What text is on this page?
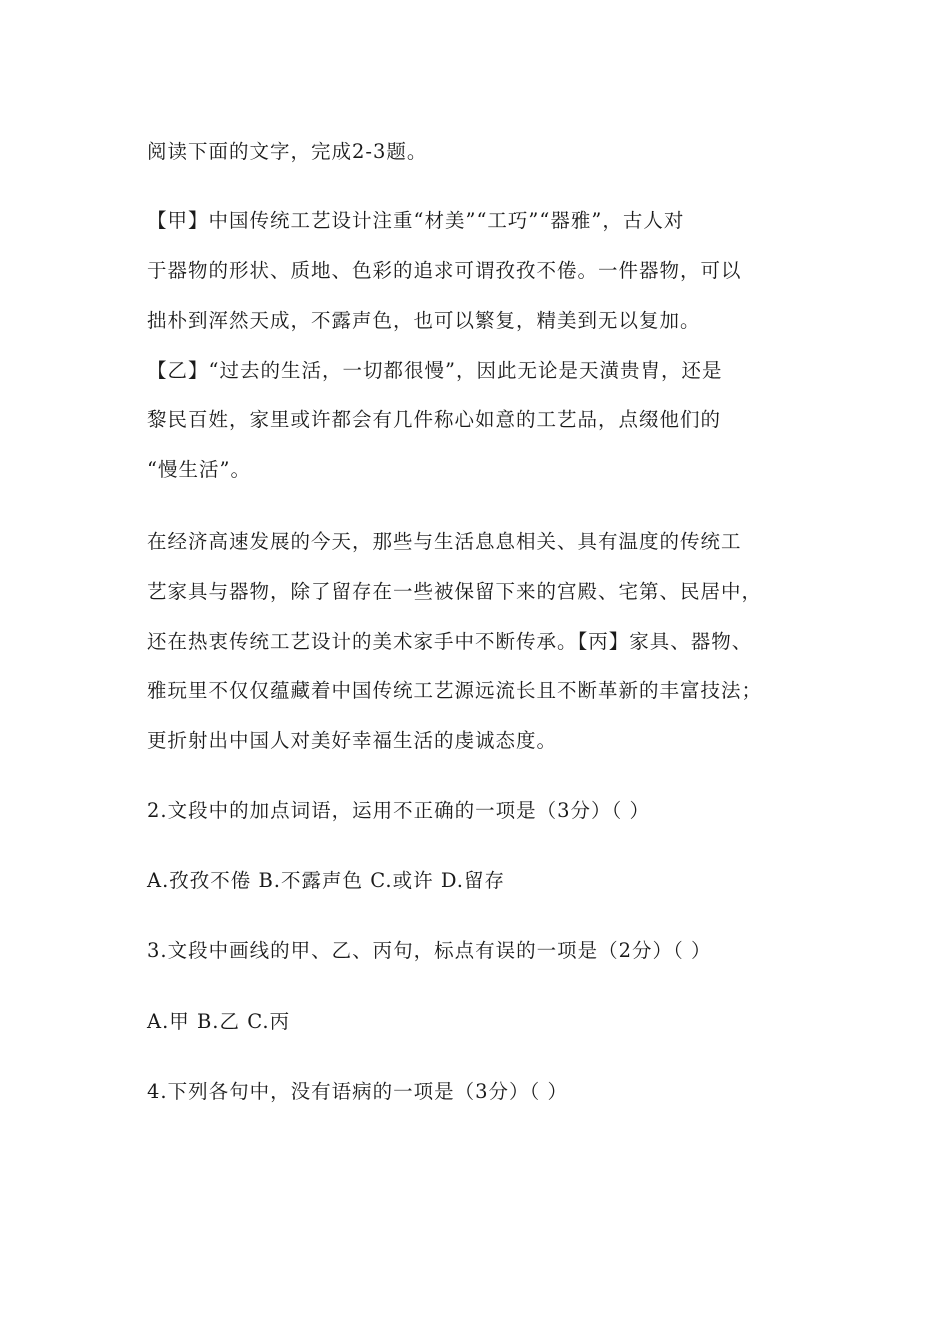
阅读下面的文字，完成2-3题。
【甲】中国传统工艺设计注重“材美”“工巧”“器雅”，古人对
于器物的形状、质地、色彩的追求可谓孜孜不倦。一件器物，可以
拙朴到浑然天成，不露声色，也可以繁复，精美到无以复加。
【乙】“过去的生活，一切都很慢”，因此无论是天潢贵胄，还是
黎民百姓，家里或许都会有几件称心如意的工艺品，点缀他们的
“慢生活”。
在经济高速发展的今天，那些与生活息息相关、具有温度的传统工
艺家具与器物，除了留存在一些被保留下来的宫殿、宅第、民居中，
还在热衷传统工艺设计的美术家手中不断传承。【丙】家具、器物、
雅玩里不仅仅蕴藏着中国传统工艺源远流长且不断革新的丰富技法；
更折射出中国人对美好幸福生活的虔诚态度。
2.文段中的加点词语，运用不正确的一项是（3分）（ ）
A.孜孜不倦 B.不露声色 C.或许 D.留存
3.文段中画线的甲、乙、丙句，标点有误的一项是（2分）（ ）
A.甲 B.乙 C.丙
4.下列各句中，没有语病的一项是（3分）（ ）
